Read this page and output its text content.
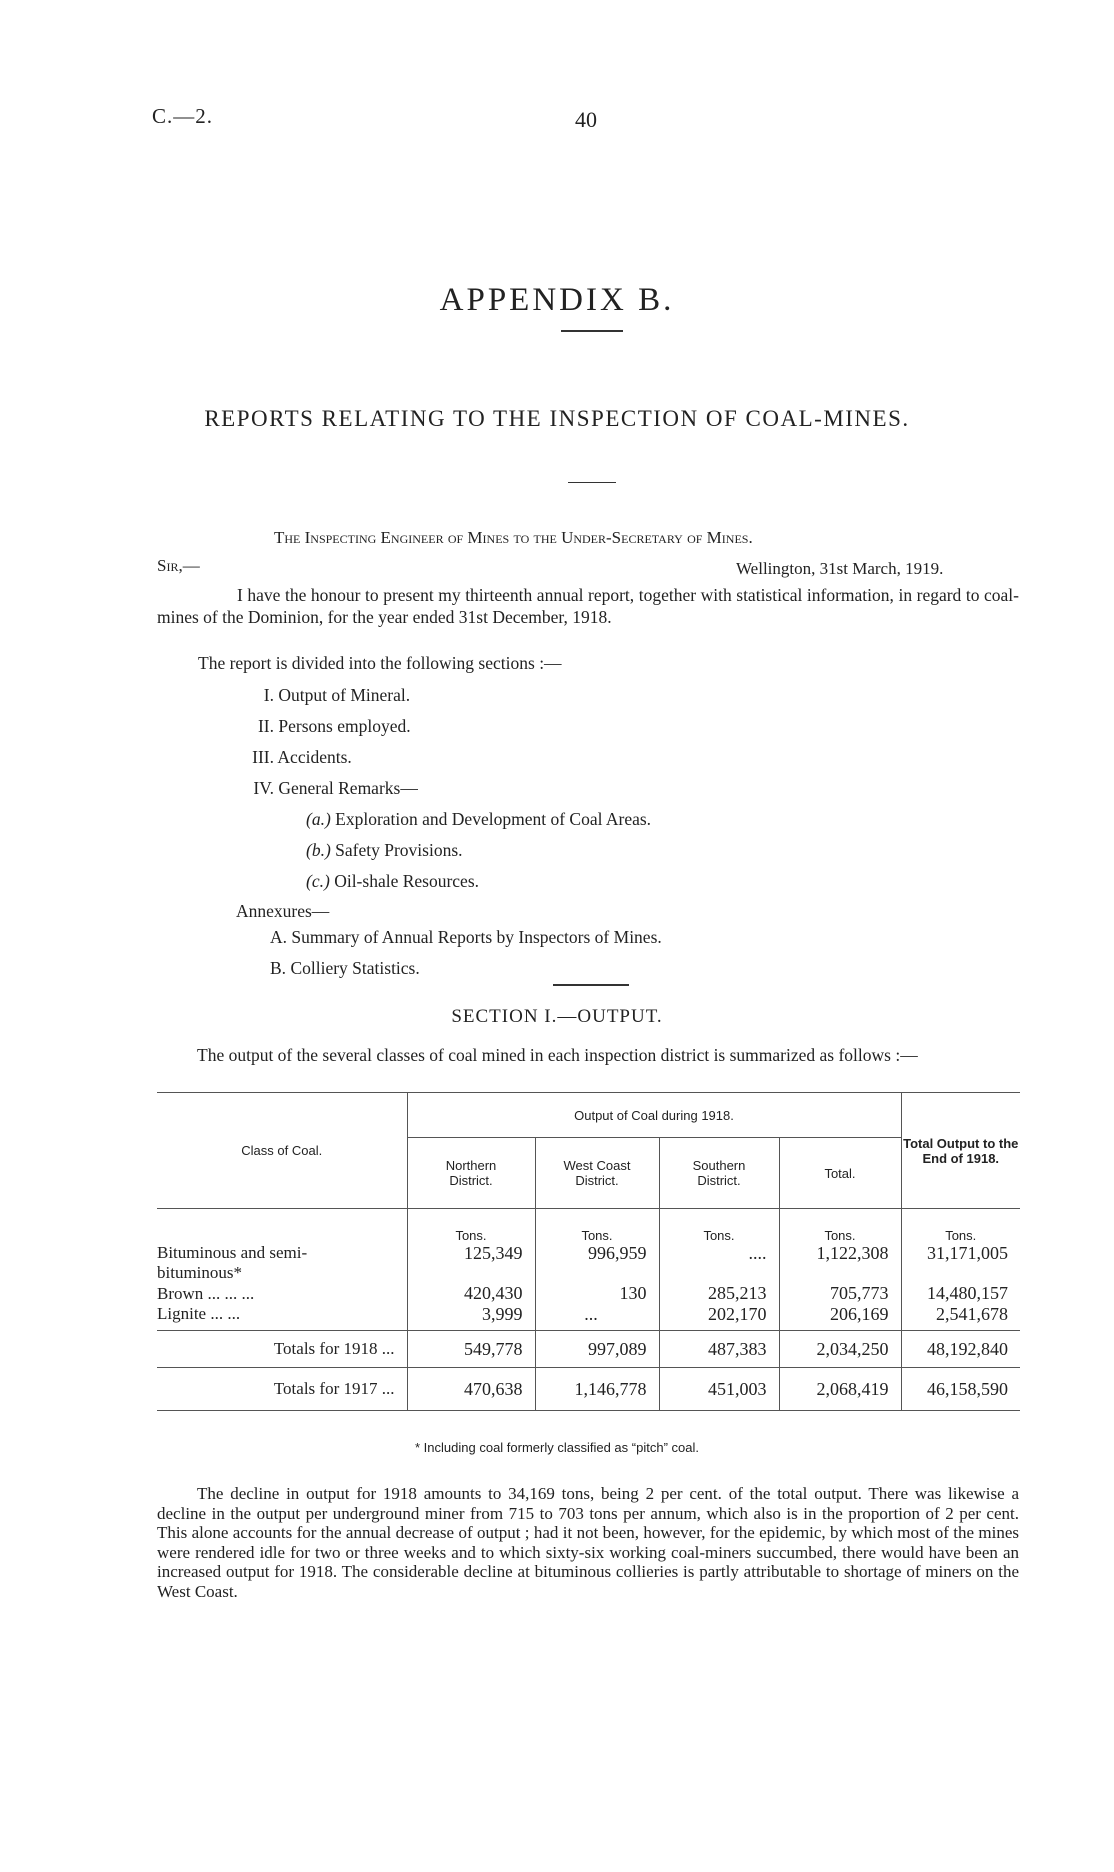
C.—2.	40
APPENDIX B.
REPORTS RELATING TO THE INSPECTION OF COAL-MINES.
The Inspecting Engineer of Mines to the Under-Secretary of Mines.
Sir,—	Wellington, 31st March, 1919.
I have the honour to present my thirteenth annual report, together with statistical information, in regard to coal-mines of the Dominion, for the year ended 31st December, 1918.
The report is divided into the following sections :—
I. Output of Mineral.
II. Persons employed.
III. Accidents.
IV. General Remarks—
(a.) Exploration and Development of Coal Areas.
(b.) Safety Provisions.
(c.) Oil-shale Resources.
Annexures—
A. Summary of Annual Reports by Inspectors of Mines.
B. Colliery Statistics.
SECTION I.—OUTPUT.
The output of the several classes of coal mined in each inspection district is summarized as follows :—
Class of Coal.	Output of Coal during 1918.				Total Output to the End of 1918.
	Northern District.	West Coast District.	Southern District.	Total.	
	Tons.	Tons.	Tons.	Tons.	Tons.
Bituminous and semi-bituminous*	125,349	996,959	....	1,122,308	31,171,005
Brown ... ... ...	420,430	130	285,213	705,773	14,480,157
Lignite ... ...	3,999	...	202,170	206,169	2,541,678
Totals for 1918 ...	549,778	997,089	487,383	2,034,250	48,192,840
Totals for 1917 ...	470,638	1,146,778	451,003	2,068,419	46,158,590
* Including coal formerly classified as “pitch” coal.
The decline in output for 1918 amounts to 34,169 tons, being 2 per cent. of the total output. There was likewise a decline in the output per underground miner from 715 to 703 tons per annum, which also is in the proportion of 2 per cent. This alone accounts for the annual decrease of output ; had it not been, however, for the epidemic, by which most of the mines were rendered idle for two or three weeks and to which sixty-six working coal-miners succumbed, there would have been an increased output for 1918. The considerable decline at bituminous collieries is partly attributable to shortage of miners on the West Coast.
